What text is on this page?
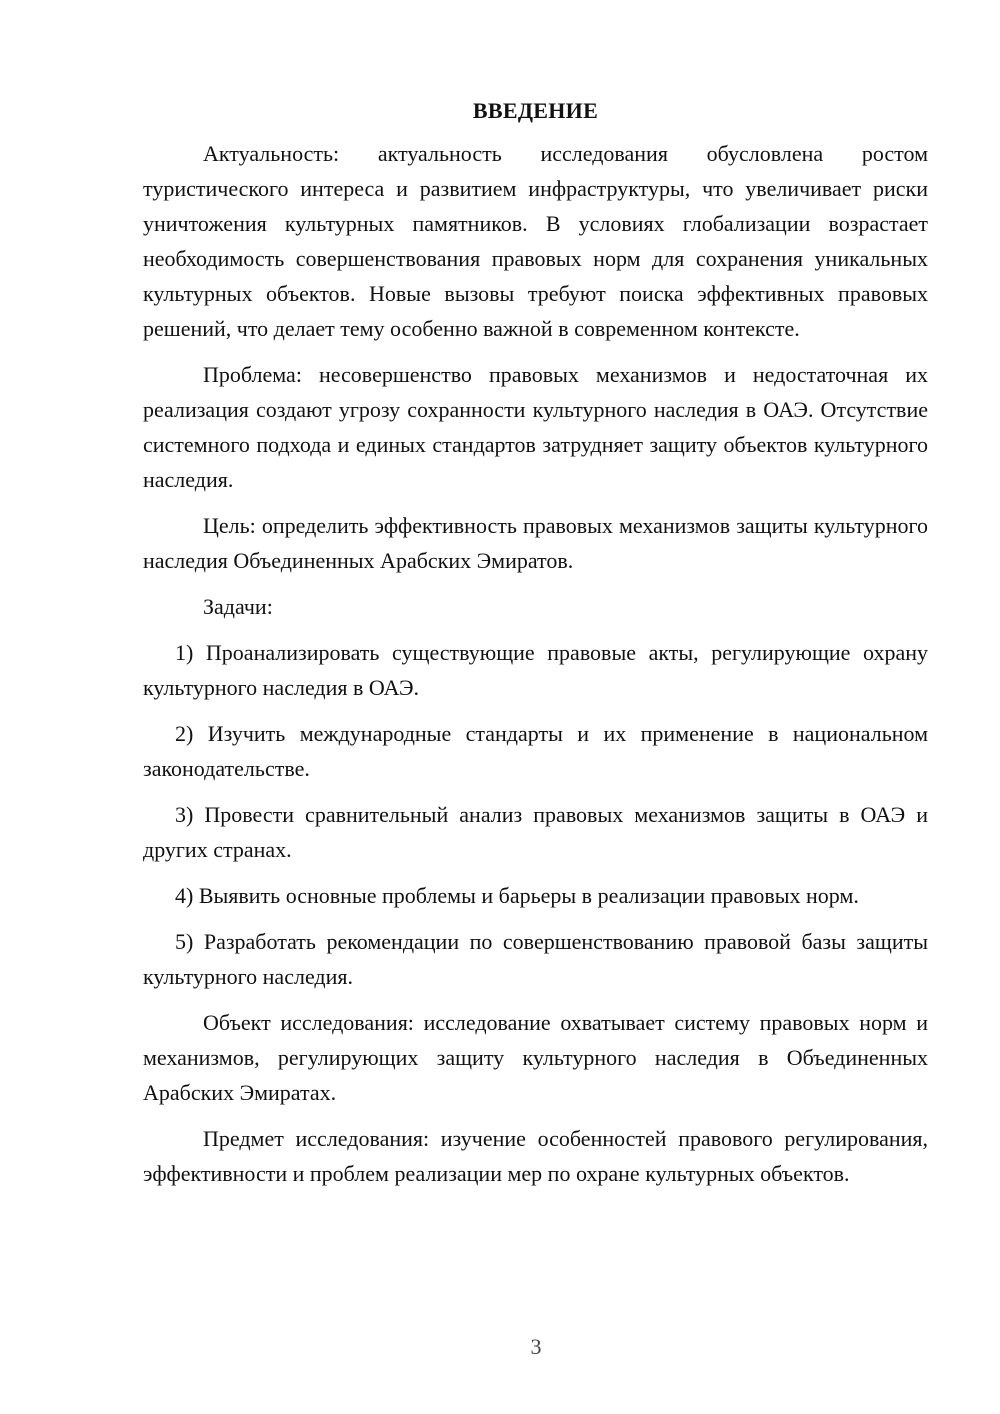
ВВЕДЕНИЕ

Актуальность: актуальность исследования обусловлена ростом туристического интереса и развитием инфраструктуры, что увеличивает риски уничтожения культурных памятников. В условиях глобализации возрастает необходимость совершенствования правовых норм для сохранения уникальных культурных объектов. Новые вызовы требуют поиска эффективных правовых решений, что делает тему особенно важной в современном контексте.

Проблема: несовершенство правовых механизмов и недостаточная их реализация создают угрозу сохранности культурного наследия в ОАЭ. Отсутствие системного подхода и единых стандартов затрудняет защиту объектов культурного наследия.

Цель: определить эффективность правовых механизмов защиты культурного наследия Объединенных Арабских Эмиратов.

Задачи:

1) Проанализировать существующие правовые акты, регулирующие охрану культурного наследия в ОАЭ.

2) Изучить международные стандарты и их применение в национальном законодательстве.

3) Провести сравнительный анализ правовых механизмов защиты в ОАЭ и других странах.

4) Выявить основные проблемы и барьеры в реализации правовых норм.

5) Разработать рекомендации по совершенствованию правовой базы защиты культурного наследия.

Объект исследования: исследование охватывает систему правовых норм и механизмов, регулирующих защиту культурного наследия в Объединенных Арабских Эмиратах.

Предмет исследования: изучение особенностей правового регулирования, эффективности и проблем реализации мер по охране культурных объектов.

3
